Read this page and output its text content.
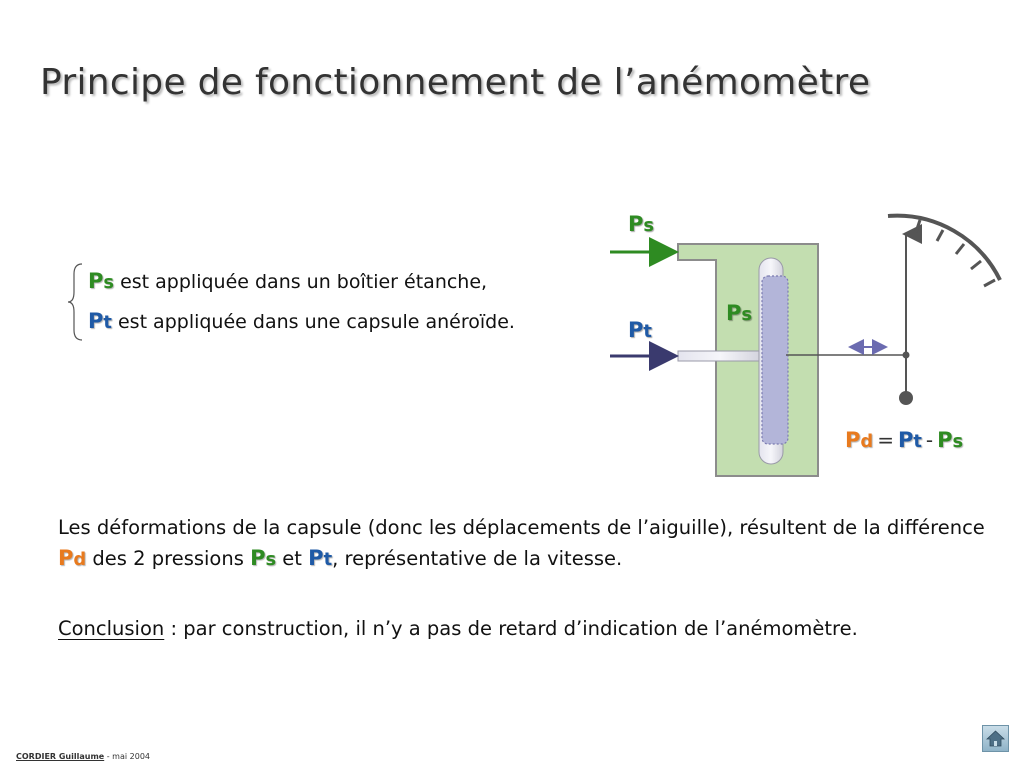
Principe de fonctionnement de l’anémomètre
Ps est appliquée dans un boîtier étanche,
Pt est appliquée dans une capsule anéroïde.
Ps
Pt
Ps
Pd = Pt - Ps
Les déformations de la capsule (donc les déplacements de l’aiguille), résultent de la différence Pd des 2 pressions Ps et Pt, représentative de la vitesse.
Conclusion : par construction, il n’y a pas de retard d’indication de l’anémomètre.
CORDIER Guillaume - mai 2004
